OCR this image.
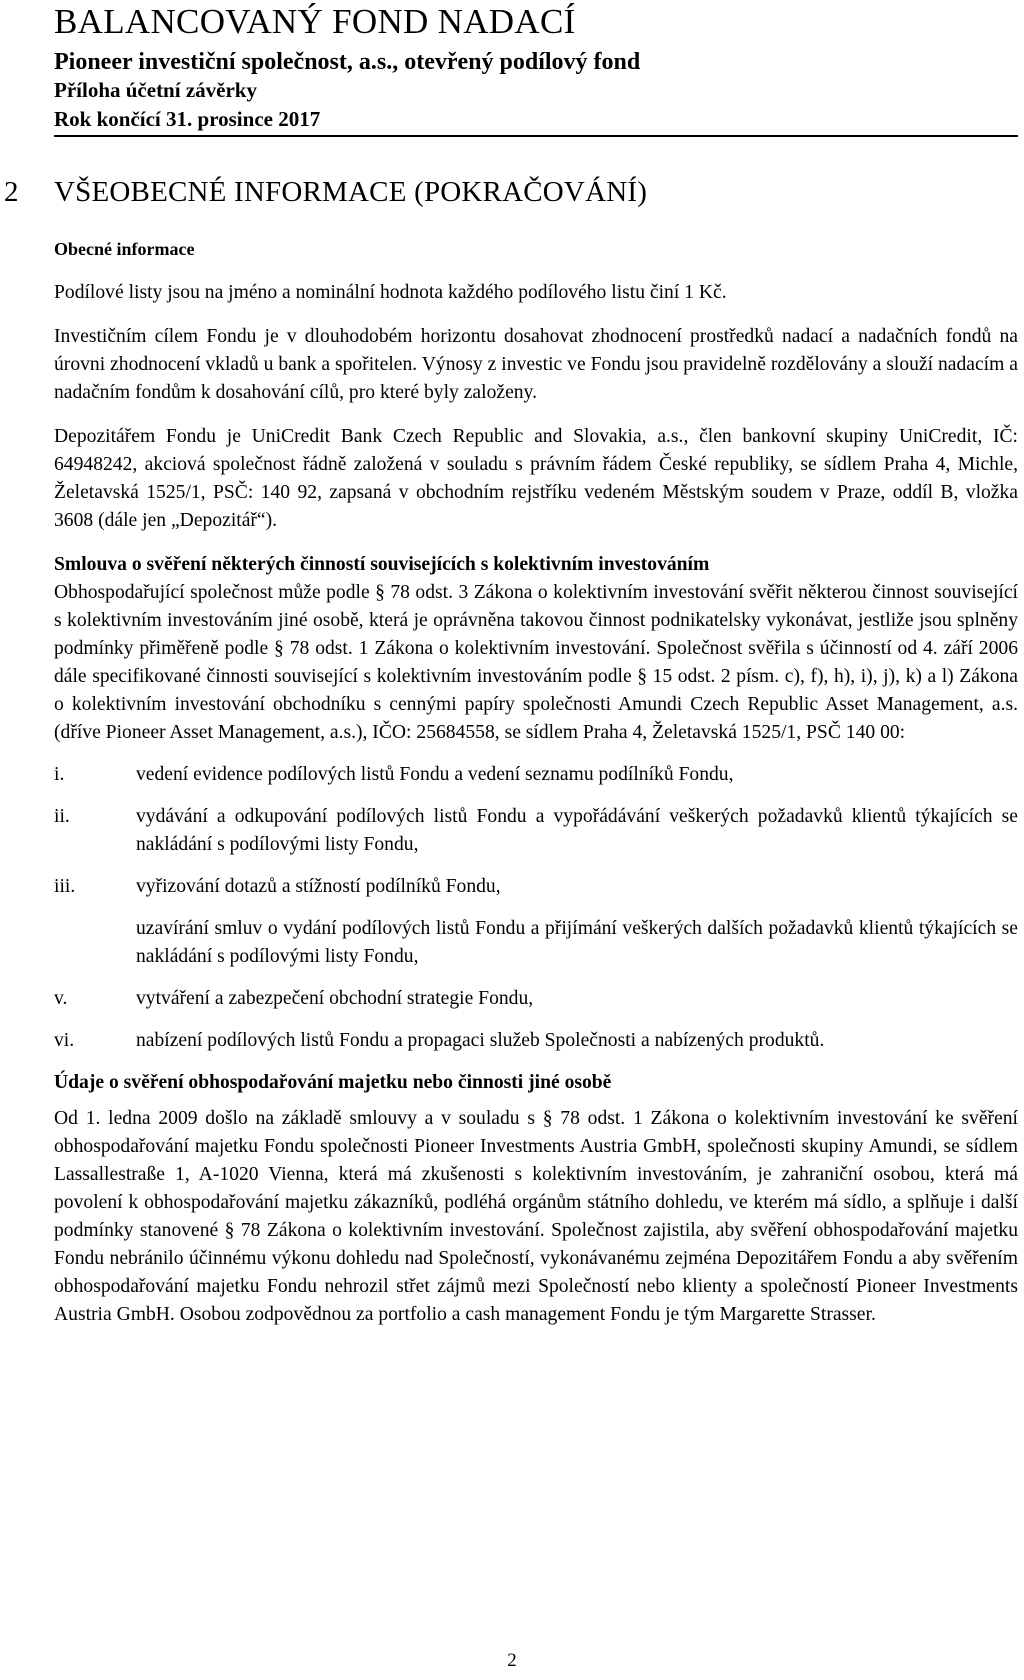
BALANCOVANÝ FOND NADACÍ
Pioneer investiční společnost, a.s., otevřený podílový fond
Příloha účetní závěrky
Rok končící 31. prosince 2017
2 VŠEOBECNÉ INFORMACE (POKRAČOVÁNÍ)

Obecné informace

Podílové listy jsou na jméno a nominální hodnota každého podílového listu činí 1 Kč.

Investičním cílem Fondu je v dlouhodobém horizontu dosahovat zhodnocení prostředků nadací a nadačních fondů na úrovni zhodnocení vkladů u bank a spořitelen. Výnosy z investic ve Fondu jsou pravidelně rozdělovány a slouží nadacím a nadačním fondům k dosahování cílů, pro které byly založeny.

Depozitářem Fondu je UniCredit Bank Czech Republic and Slovakia, a.s., člen bankovní skupiny UniCredit, IČ: 64948242, akciová společnost řádně založená v souladu s právním řádem České republiky, se sídlem Praha 4, Michle, Želetavská 1525/1, PSČ: 140 92, zapsaná v obchodním rejstříku vedeném Městským soudem v Praze, oddíl B, vložka 3608 (dále jen „Depozitář“).

Smlouva o svěření některých činností souvisejících s kolektivním investováním

Obhospodařující společnost může podle § 78 odst. 3 Zákona o kolektivním investování svěřit některou činnost související s kolektivním investováním jiné osobě, která je oprávněna takovou činnost podnikatelsky vykonávat, jestliže jsou splněny podmínky přiměřeně podle § 78 odst. 1 Zákona o kolektivním investování. Společnost svěřila s účinností od 4. září 2006 dále specifikované činnosti související s kolektivním investováním podle § 15 odst. 2 písm. c), f), h), i), j), k) a l) Zákona o kolektivním investování obchodníku s cennými papíry společnosti Amundi Czech Republic Asset Management, a.s. (dříve Pioneer Asset Management, a.s.), IČO: 25684558, se sídlem Praha 4, Želetavská 1525/1, PSČ 140 00:

i.	vedení evidence podílových listů Fondu a vedení seznamu podílníků Fondu,
ii.	vydávání a odkupování podílových listů Fondu a vypořádávání veškerých požadavků klientů týkajících se nakládání s podílovými listy Fondu,
iii.	vyřizování dotazů a stížností podílníků Fondu,
uzavírání smluv o vydání podílových listů Fondu a přijímání veškerých dalších požadavků klientů týkajících se nakládání s podílovými listy Fondu,
v.	vytváření a zabezpečení obchodní strategie Fondu,
vi.	nabízení podílových listů Fondu a propagaci služeb Společnosti a nabízených produktů.

Údaje o svěření obhospodařování majetku nebo činnosti jiné osobě

Od 1. ledna 2009 došlo na základě smlouvy a v souladu s § 78 odst. 1 Zákona o kolektivním investování ke svěření obhospodařování majetku Fondu společnosti Pioneer Investments Austria GmbH, společnosti skupiny Amundi, se sídlem Lassallestraße 1, A-1020 Vienna, která má zkušenosti s kolektivním investováním, je zahraniční osobou, která má povolení k obhospodařování majetku zákazníků, podléhá orgánům státního dohledu, ve kterém má sídlo, a splňuje i další podmínky stanovené § 78 Zákona o kolektivním investování. Společnost zajistila, aby svěření obhospodařování majetku Fondu nebránilo účinnému výkonu dohledu nad Společností, vykonávanému zejména Depozitářem Fondu a aby svěřením obhospodařování majetku Fondu nehrozil střet zájmů mezi Společností nebo klienty a společností Pioneer Investments Austria GmbH. Osobou zodpovědnou za portfolio a cash management Fondu je tým Margarette Strasser.

2
